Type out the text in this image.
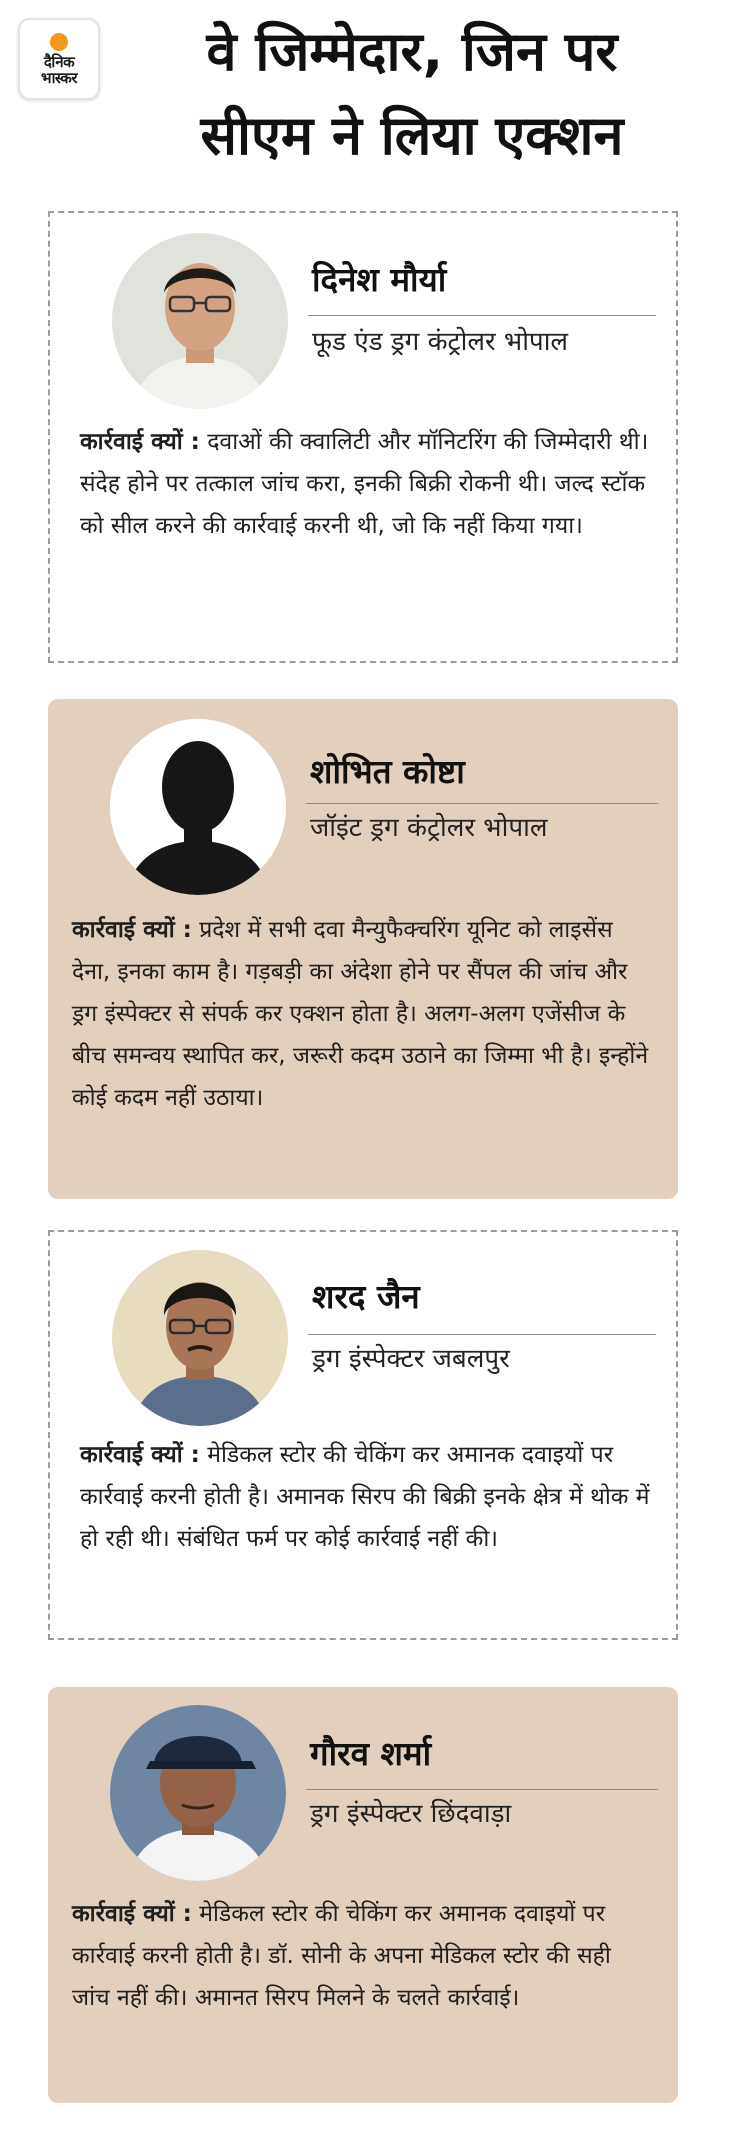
दैनिक
भास्कर	वे जिम्मेदार, जिन पर
सीएम ने लिया एक्शन
दिनेश मौर्या
फूड एंड ड्रग कंट्रोलर भोपाल
कार्रवाई क्यों : दवाओं की क्वालिटी और मॉनिटरिंग की जिम्मेदारी थी। संदेह होने पर तत्काल जांच करा, इनकी बिक्री रोकनी थी। जल्द स्टॉक को सील करने की कार्रवाई करनी थी, जो कि नहीं किया गया।
शोभित कोष्टा
जॉइंट ड्रग कंट्रोलर भोपाल
कार्रवाई क्यों : प्रदेश में सभी दवा मैन्युफैक्चरिंग यूनिट को लाइसेंस देना, इनका काम है। गड़बड़ी का अंदेशा होने पर सैंपल की जांच और ड्रग इंस्पेक्टर से संपर्क कर एक्शन होता है। अलग-अलग एजेंसीज के बीच समन्वय स्थापित कर, जरूरी कदम उठाने का जिम्मा भी है। इन्होंने कोई कदम नहीं उठाया।
शरद जैन
ड्रग इंस्पेक्टर जबलपुर
कार्रवाई क्यों : मेडिकल स्टोर की चेकिंग कर अमानक दवाइयों पर कार्रवाई करनी होती है। अमानक सिरप की बिक्री इनके क्षेत्र में थोक में हो रही थी। संबंधित फर्म पर कोई कार्रवाई नहीं की।
गौरव शर्मा
ड्रग इंस्पेक्टर छिंदवाड़ा
कार्रवाई क्यों : मेडिकल स्टोर की चेकिंग कर अमानक दवाइयों पर कार्रवाई करनी होती है। डॉ. सोनी के अपना मेडिकल स्टोर की सही जांच नहीं की। अमानत सिरप मिलने के चलते कार्रवाई।
